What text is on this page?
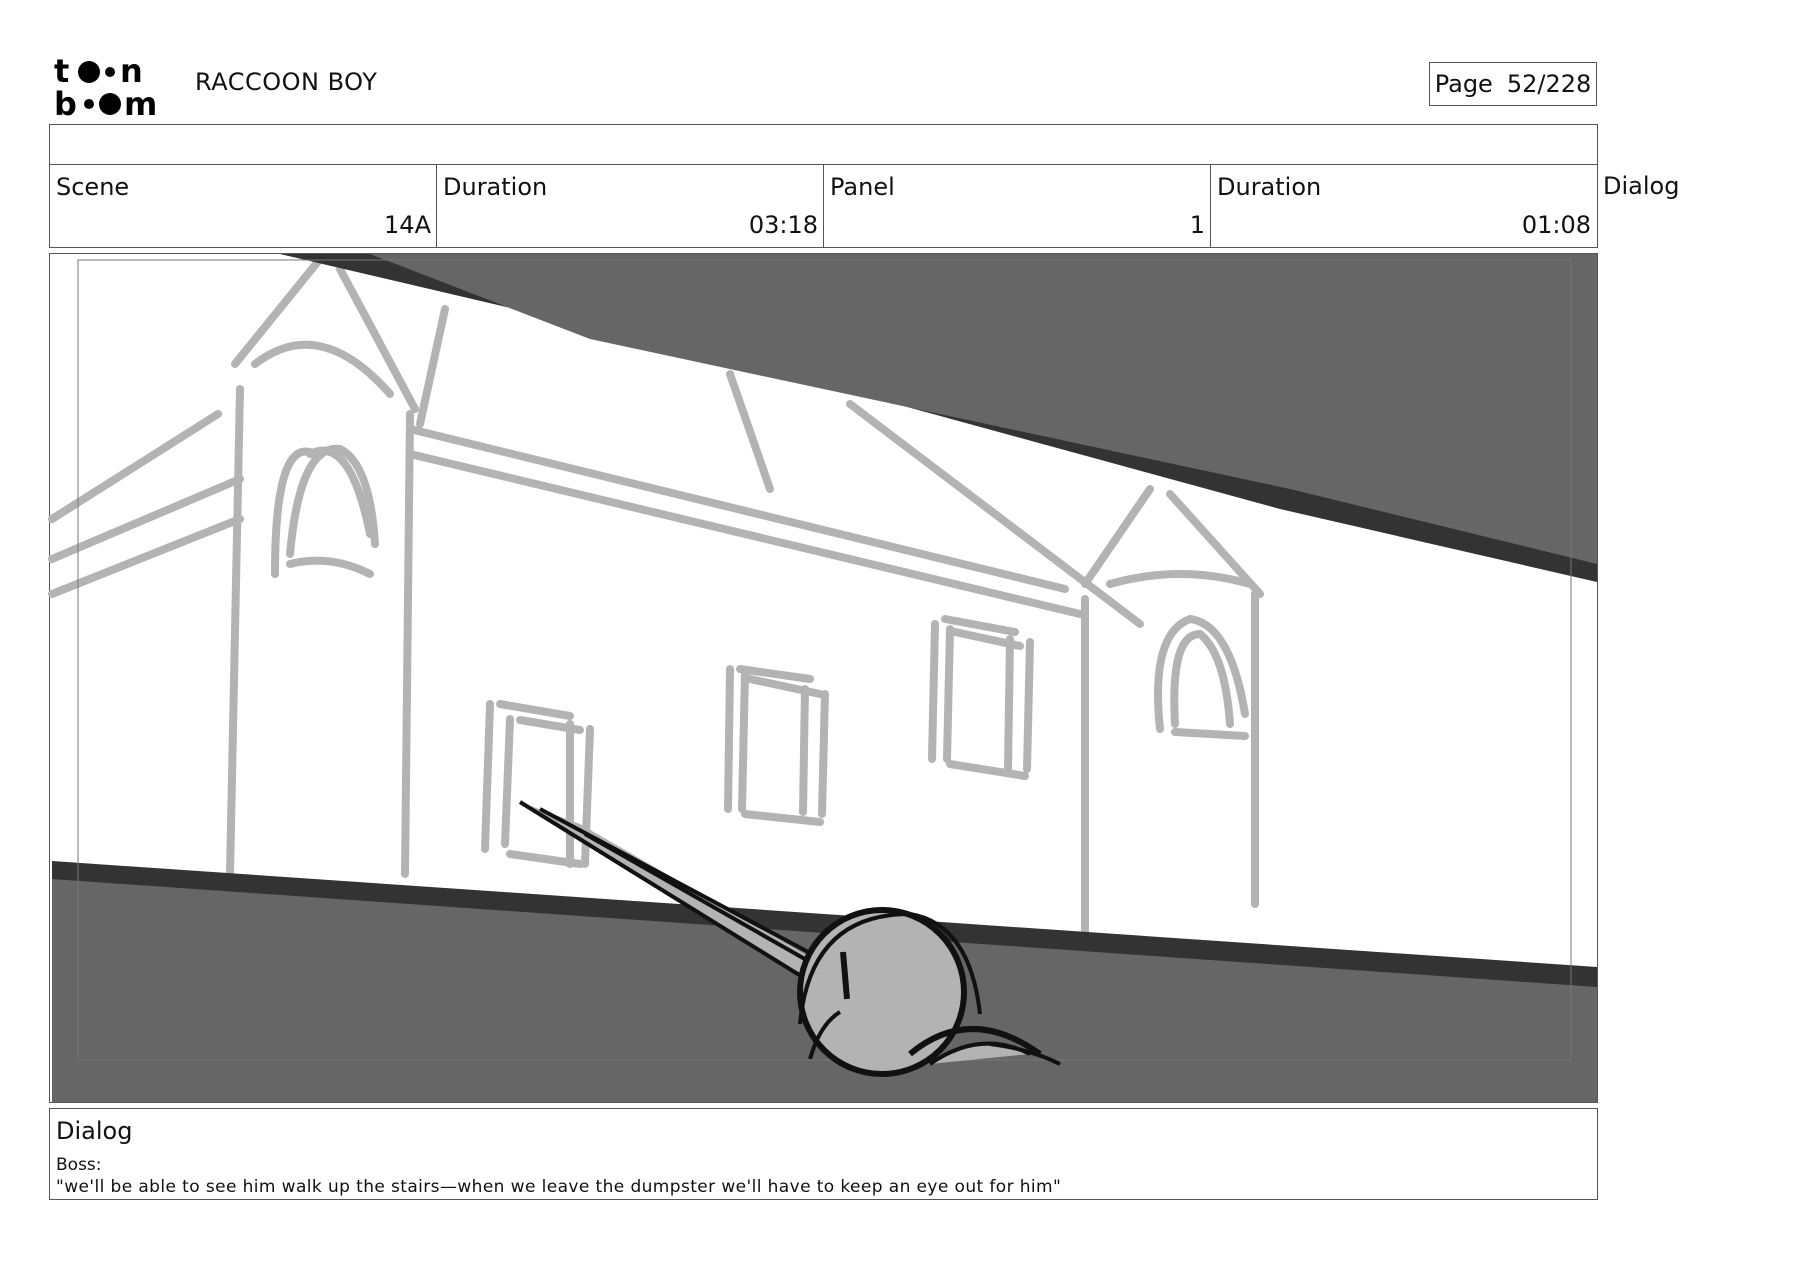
t n
b m
RACCOON BOY	Page 52/228
Scene
14A
Duration
03:18
Panel
1
Duration
01:08
Dialog
Dialog
Boss:
"we'll be able to see him walk up the stairs—when we leave the dumpster we'll have to keep an eye out for him"
